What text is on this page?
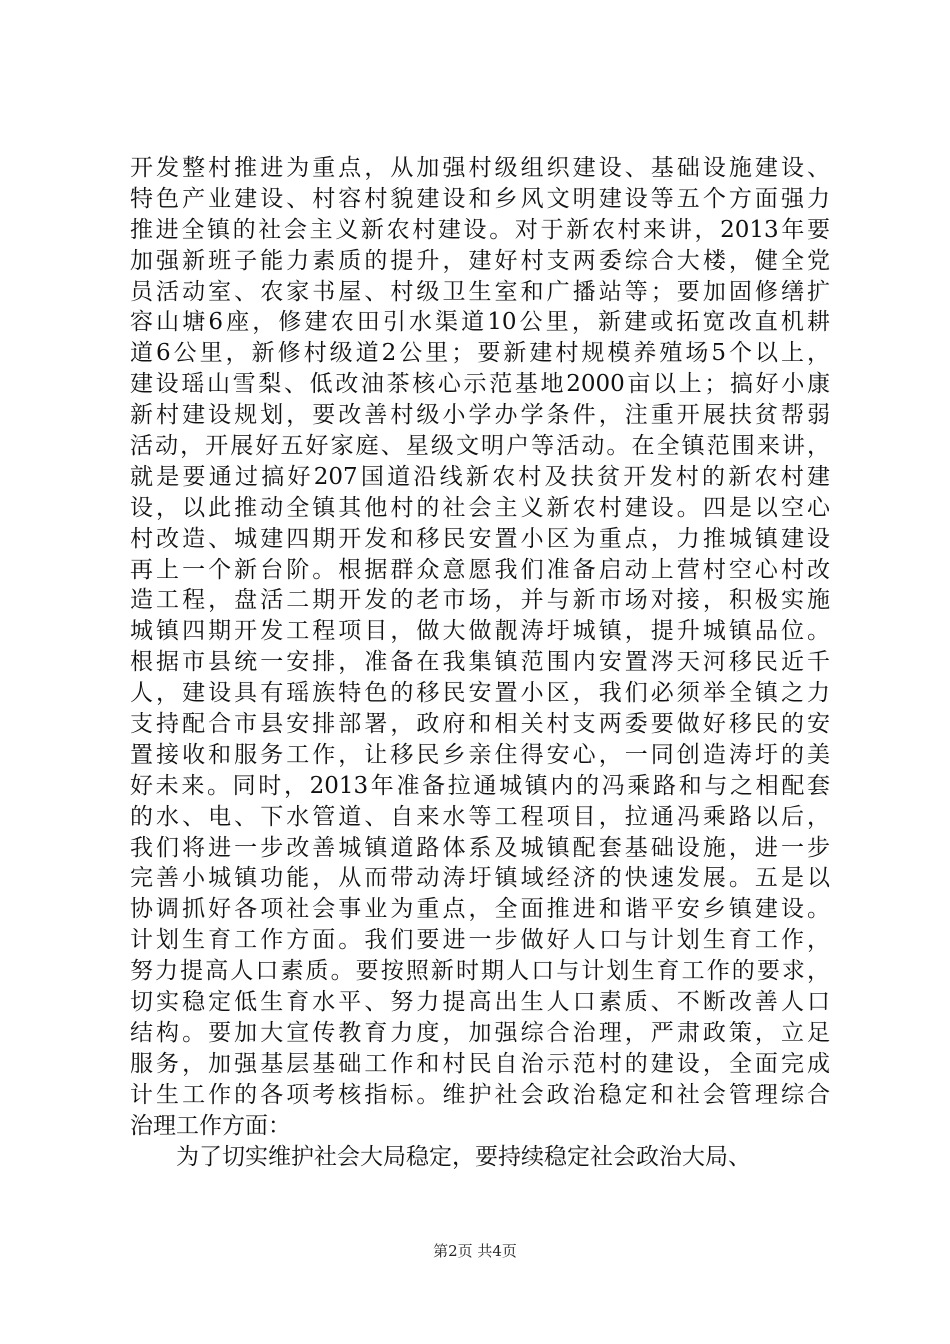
开发整村推进为重点，从加强村级组织建设、基础设施建设、
特色产业建设、村容村貌建设和乡风文明建设等五个方面强力
推进全镇的社会主义新农村建设。对于新农村来讲，2013年要
加强新班子能力素质的提升，建好村支两委综合大楼，健全党
员活动室、农家书屋、村级卫生室和广播站等；要加固修缮扩
容山塘6座，修建农田引水渠道10公里，新建或拓宽改直机耕
道6公里，新修村级道2公里；要新建村规模养殖场5个以上，
建设瑶山雪梨、低改油茶核心示范基地2000亩以上；搞好小康
新村建设规划，要改善村级小学办学条件，注重开展扶贫帮弱
活动，开展好五好家庭、星级文明户等活动。在全镇范围来讲，
就是要通过搞好207国道沿线新农村及扶贫开发村的新农村建
设，以此推动全镇其他村的社会主义新农村建设。四是以空心
村改造、城建四期开发和移民安置小区为重点，力推城镇建设
再上一个新台阶。根据群众意愿我们准备启动上营村空心村改
造工程，盘活二期开发的老市场，并与新市场对接，积极实施
城镇四期开发工程项目，做大做靓涛圩城镇，提升城镇品位。
根据市县统一安排，准备在我集镇范围内安置涔天河移民近千
人，建设具有瑶族特色的移民安置小区，我们必须举全镇之力
支持配合市县安排部署，政府和相关村支两委要做好移民的安
置接收和服务工作，让移民乡亲住得安心，一同创造涛圩的美
好未来。同时，2013年准备拉通城镇内的冯乘路和与之相配套
的水、电、下水管道、自来水等工程项目，拉通冯乘路以后，
我们将进一步改善城镇道路体系及城镇配套基础设施，进一步
完善小城镇功能，从而带动涛圩镇域经济的快速发展。五是以
协调抓好各项社会事业为重点，全面推进和谐平安乡镇建设。
计划生育工作方面。我们要进一步做好人口与计划生育工作，
努力提高人口素质。要按照新时期人口与计划生育工作的要求，
切实稳定低生育水平、努力提高出生人口素质、不断改善人口
结构。要加大宣传教育力度，加强综合治理，严肃政策，立足
服务，加强基层基础工作和村民自治示范村的建设，全面完成
计生工作的各项考核指标。维护社会政治稳定和社会管理综合
治理工作方面：
为了切实维护社会大局稳定，要持续稳定社会政治大局、
第2页 共4页
